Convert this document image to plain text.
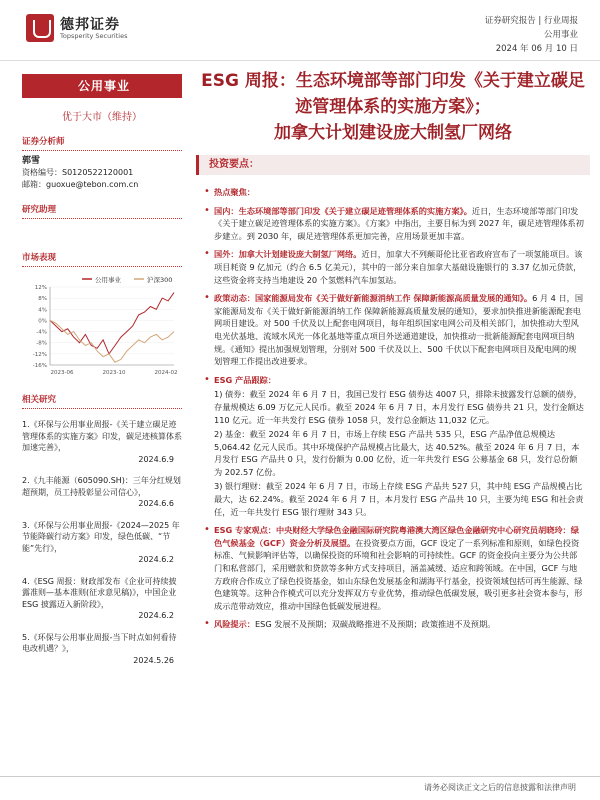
德邦证券
Topsperity Securities
证券研究报告 | 行业周报
公用事业
2024 年 06 月 10 日
公用事业
优于大市（维持）
证券分析师
郭雪
资格编号：S0120522120001
邮箱：guoxue@tebon.com.cn
研究助理
市场表现
公用事业	沪深300
12%
8%
4%
0%
-4%
-8%
-12%
-16%
2023-06	2023-10	2024-02
相关研究
1.《环保与公用事业周报-《关于建立碳足迹管理体系的实施方案》印发，碳足迹核算体系加速完善》，
2024.6.9
2.《九丰能源（605090.SH)：三年分红规划超预期，员工持股彰显公司信心》，
2024.6.6
3.《环保与公用事业周报-《2024—2025 年节能降碳行动方案》印发，绿色低碳、“节能”先行》，
2024.6.2
4.《ESG 周报：财政部发布《企业可持续披露准则—基本准则(征求意见稿)》，中国企业 ESG 披露迈入新阶段》，
2024.6.2
5.《环保与公用事业周报-当下时点如何看待电改机遇？》，
2024.5.26
ESG 周报：生态环境部等部门印发《关于建立碳足迹管理体系的实施方案》；
加拿大计划建设庞大制氢厂网络
投资要点：
• 热点聚焦：
• 国内：生态环境部等部门印发《关于建立碳足迹管理体系的实施方案》。近日，生态环境部等部门印发《关于建立碳足迹管理体系的实施方案》。《方案》中指出，主要目标为到 2027 年，碳足迹管理体系初步建立。到 2030 年，碳足迹管理体系更加完善，应用场景更加丰富。
• 国外：加拿大计划建设庞大制氢厂网络。近日，加拿大不列颠哥伦比亚省政府宣布了一项氢能项目。该项目耗资 9 亿加元（约合 6.5 亿美元），其中的一部分来自加拿大基础设施银行的 3.37 亿加元贷款，这些资金将支持当地建设 20 个氢燃料汽车加氢站。
• 政策动态：国家能源局发布《关于做好新能源消纳工作 保障新能源高质量发展的通知》。6 月 4 日，国家能源局发布《关于做好新能源消纳工作 保障新能源高质量发展的通知》，要求加快推进新能源配套电网项目建设。对 500 千伏及以上配套电网项目，每年组织国家电网公司及相关部门，加快推动大型风电光伏基地、流域水风光一体化基地等重点项目外送通道建设，加快推动一批新能源配套电网项目纳规。《通知》提出加强规划管理，分别对 500 千伏及以上、500 千伏以下配套电网项目及配电网的规划管理工作提出改进要求。
• ESG 产品跟踪：
1) 债券：截至 2024 年 6 月 7 日，我国已发行 ESG 债券达 4007 只，排除未披露发行总额的债券，存量规模达 6.09 万亿元人民币。截至 2024 年 6 月 7 日，本月发行 ESG 债券共 21 只，发行金额达 110 亿元。近一年共发行 ESG 债券 1058 只，发行总金额达 11,032 亿元。
2) 基金：截至 2024 年 6 月 7 日，市场上存续 ESG 产品共 535 只，ESG 产品净值总规模达 5,064.42 亿元人民币。其中环境保护产品规模占比最大，达 40.52%。截至 2024 年 6 月 7 日，本月发行 ESG 产品共 0 只，发行份额为 0.00 亿份，近一年共发行 ESG 公募基金 68 只，发行总份额为 202.57 亿份。
3) 银行理财：截至 2024 年 6 月 7 日，市场上存续 ESG 产品共 527 只，其中纯 ESG 产品规模占比最大，达 62.24%。截至 2024 年 6 月 7 日，本月发行 ESG 产品共 10 只，主要为纯 ESG 和社会责任，近一年共发行 ESG 银行理财 343 只。
• ESG 专家观点：中央财经大学绿色金融国际研究院粤港澳大湾区绿色金融研究中心研究员胡晓玲：绿色气候基金（GCF）资金分析及展望。在投资要点方面，GCF 设定了一系列标准和原则，如绿色投资标准、气候影响评估等，以确保投资的环境和社会影响的可持续性。GCF 的资金投向主要分为公共部门和私营部门，采用赠款和贷款等多种方式支持项目，涵盖减缓、适应和跨领域。在中国，GCF 与地方政府合作成立了绿色投资基金，如山东绿色发展基金和湖海平行基金，投资领域包括可再生能源、绿色建筑等。这种合作模式可以充分发挥双方专业优势，推动绿色低碳发展，吸引更多社会资本参与，形成示范带动效应，推动中国绿色低碳发展进程。
• 风险提示：ESG 发展不及预期；双碳战略推进不及预期；政策推进不及预期。
请务必阅读正文之后的信息披露和法律声明
